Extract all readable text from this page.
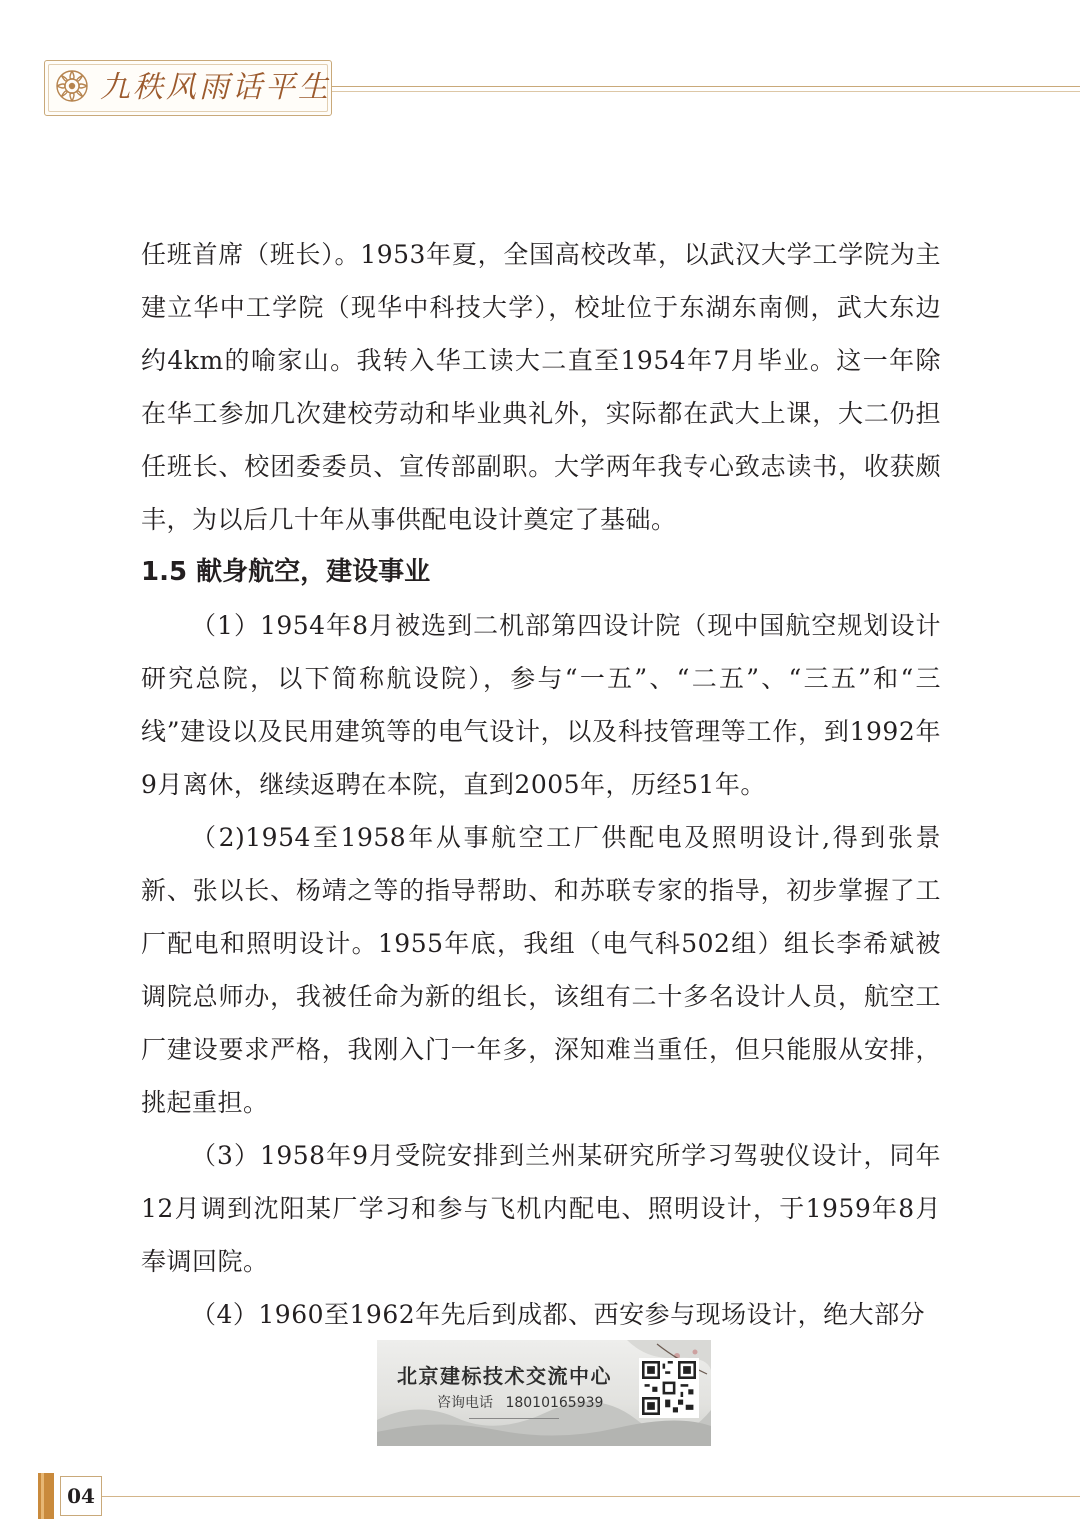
九秩风雨话平生

任班首席（班长）。1953年夏，全国高校改革，以武汉大学工学院为主建立华中工学院（现华中科技大学），校址位于东湖东南侧，武大东边约4km的喻家山。我转入华工读大二直至1954年7月毕业。这一年除在华工参加几次建校劳动和毕业典礼外，实际都在武大上课，大二仍担任班长、校团委委员、宣传部副职。大学两年我专心致志读书，收获颇丰，为以后几十年从事供配电设计奠定了基础。

1.5 献身航空，建设事业

（1）1954年8月被选到二机部第四设计院（现中国航空规划设计研究总院，以下简称航设院），参与“一五”、“二五”、“三五”和“三线”建设以及民用建筑等的电气设计，以及科技管理等工作，到1992年9月离休，继续返聘在本院，直到2005年，历经51年。

（2)1954至1958年从事航空工厂供配电及照明设计,得到张景新、张以长、杨靖之等的指导帮助、和苏联专家的指导，初步掌握了工厂配电和照明设计。1955年底，我组（电气科502组）组长李希斌被调院总师办，我被任命为新的组长，该组有二十多名设计人员，航空工厂建设要求严格，我刚入门一年多，深知难当重任，但只能服从安排，挑起重担。

（3）1958年9月受院安排到兰州某研究所学习驾驶仪设计，同年12月调到沈阳某厂学习和参与飞机内配电、照明设计，于1959年8月奉调回院。

（4）1960至1962年先后到成都、西安参与现场设计，绝大部分

北京建标技术交流中心
咨询电话 18010165939
04
